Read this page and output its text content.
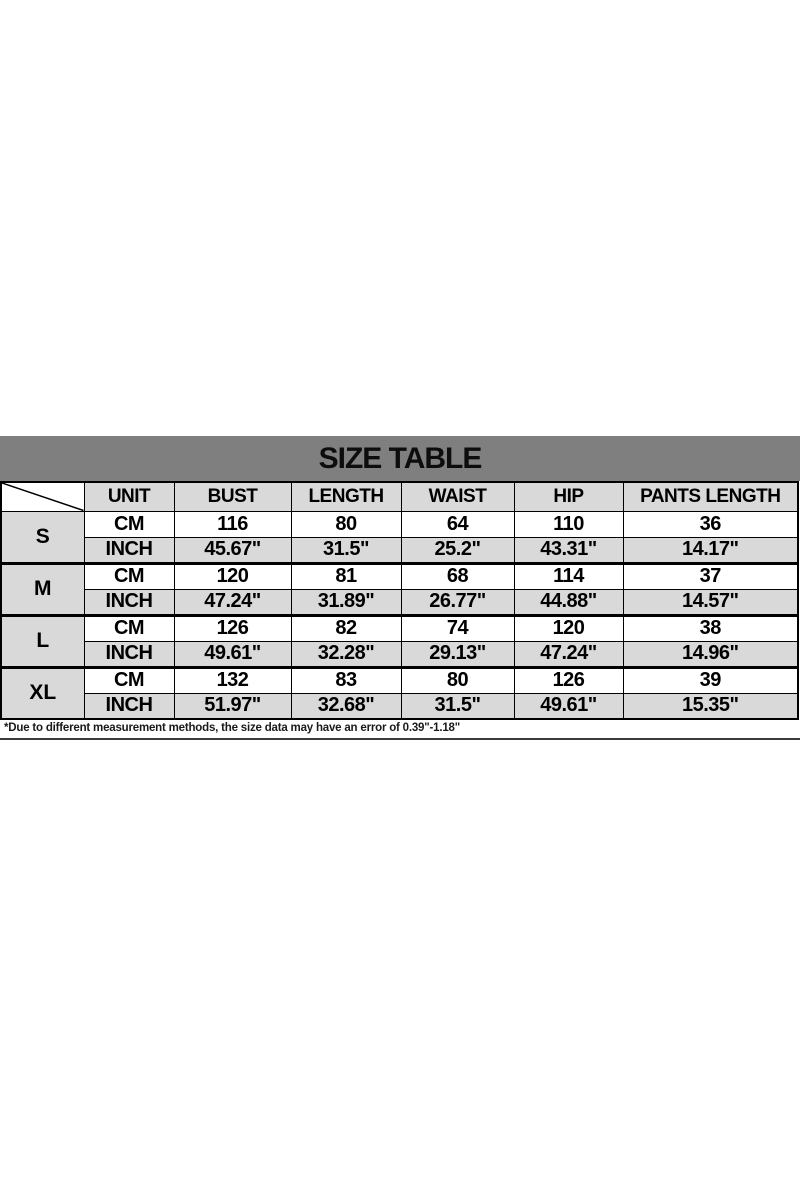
SIZE TABLE
	UNIT	BUST	LENGTH	WAIST	HIP	PANTS LENGTH
S	CM	116	80	64	110	36
	INCH	45.67"	31.5"	25.2"	43.31"	14.17"
M	CM	120	81	68	114	37
	INCH	47.24"	31.89"	26.77"	44.88"	14.57"
L	CM	126	82	74	120	38
	INCH	49.61"	32.28"	29.13"	47.24"	14.96"
XL	CM	132	83	80	126	39
	INCH	51.97"	32.68"	31.5"	49.61"	15.35"
*Due to different measurement methods, the size data may have an error of 0.39"-1.18"
